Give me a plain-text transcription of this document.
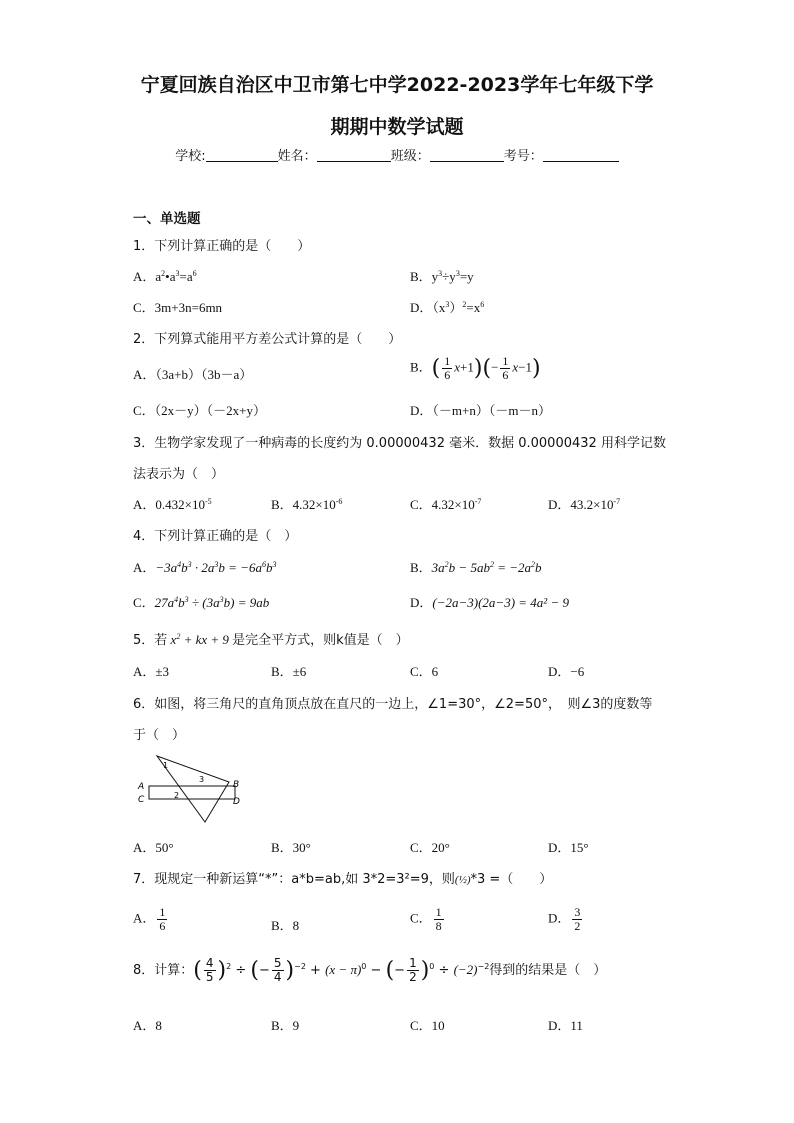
宁夏回族自治区中卫市第七中学2022-2023学年七年级下学
期期中数学试题
学校:	姓名：	班级：	考号：
一、单选题
1．下列计算正确的是（　　）
A．$a^2•a^3=a^6$	B．$y^3\div y^3=y$
C．3m+3n=6mn	D．$(x^3)^2=x^6$
2．下列算式能用平方差公式计算的是（　　）
A．（3a+b）（3b－a）
B．( $\frac{1}{6} x+1)(- \frac{1}{6} x-1)$
C．（2x－y）（－2x+y）	D．（－m+n）（－m－n）
3．生物学家发现了一种病毒的长度约为 0.00000432 毫米．数据 0.00000432 用科学记数
法表示为（　）
A．$0.432\times 10^{-5}$	B．$4.32\times 10^{-6}$	C．$4.32\times 10^{-7}$	D．$43.2\times 10^{-7}$
4．下列计算正确的是（　）
A．$-3a^4b^3 \cdot 2a^3b = -6a^6b^3$	B．$3a^2b - 5ab^2 = -2a^2b$
C．$27a^4b^3 \div (3a^3b) = 9ab$	D．(−2a−3)(2a−3) = 4a² − 9
5．若 $x^2$ + kx + 9 是完全平方式，则k值是（　）
A．±3	B．±6	C．6	D．−6
6．如图，将三角尺的直角顶点放在直尺的一边上，∠1=30°，∠2=50°，　则∠3的度数等
于（　）
A
C
B
D
1
2
3
A．50°	B．30°	C．20°	D．15°
7．现规定一种新运算“*”：a*b=ab,如 3*2=3²=9，则(½)*3 =（　　）
A． $\frac{1}{6}$	B．8
C． $\frac{1}{8}$	D． $\frac{3}{2}$
8．计算：( $\frac{4}{5} )^2$ ÷ (− $\frac{5}{4} )^{-2} + (x - \pi)^0$ − (− $\frac{1}{2} )^0 \div (-2)^{-2}$得到的结果是（　）
A．8	B．9	C．10	D．11
